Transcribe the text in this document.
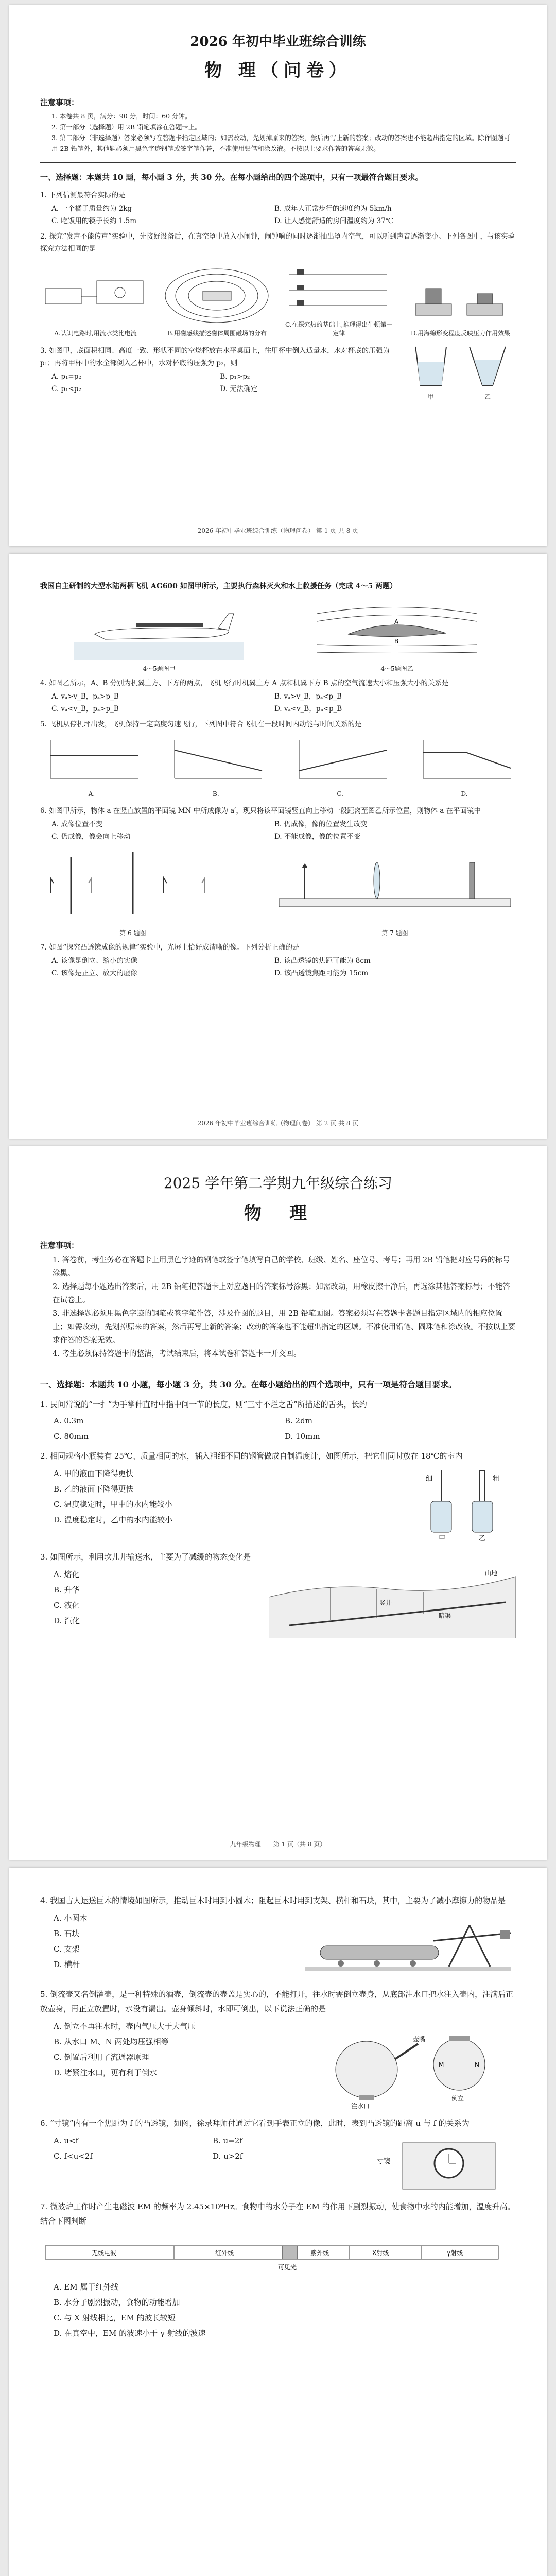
2026 年初中毕业班综合训练
物 理（问卷）
注意事项：

1. 本卷共 8 页，满分：90 分，时间：60 分钟。

2. 第一部分（选择题）用 2B 铅笔填涂在答题卡上。

3. 第二部分（非选择题）答案必须写在答题卡指定区域内；如需改动，先划掉原来的答案，然后再写上新的答案；改动的答案也不能超出指定的区域。除作图题可用 2B 铅笔外，其他题必须用黑色字迹钢笔或签字笔作答，不准使用铅笔和涂改液。不按以上要求作答的答案无效。

一、选择题：本题共 10 题，每小题 3 分，共 30 分。在每小题给出的四个选项中，只有一项最符合题目要求。
1. 下列估测最符合实际的是
A. 一个橘子质量约为 2kg	B. 成年人正常步行的速度约为 5km/h
C. 吃饭用的筷子长约 1.5m	D. 让人感觉舒适的房间温度约为 37℃
2. 探究“发声不能传声”实验中，先接好设备后，在真空罩中放入小闹钟，闹钟响的同时逐渐抽出罩内空气，可以听到声音逐渐变小。下列各图中，与该实验探究方法相同的是
A.认识电路时,用流水类比电流	B.用磁感线描述磁体周围磁场的分布
C.在探究热的基础上,推理得出牛顿第一定律	D.用海绵形变程度反映压力作用效果
3. 如图甲，底面积相同、高度一致、形状不同的空烧杯放在水平桌面上，往甲杯中倒入适量水，水对杯底的压强为 p₁；再将甲杯中的水全部倒入乙杯中，水对杯底的压强为 p₂，则
A. p₁=p₂	B. p₁>p₂
C. p₁<p₂	D. 无法确定
甲	乙
2026 年初中毕业班综合训练（物理问卷） 第 1 页 共 8 页
我国自主研制的大型水陆两栖飞机 AG600 如图甲所示，主要执行森林灭火和水上救援任务（完成 4～5 两题）
4～5题图甲
A
B
4～5题图乙
4. 如图乙所示，A、B 分别为机翼上方、下方的两点，飞机飞行时机翼上方 A 点和机翼下方 B 点的空气流速大小和压强大小的关系是
A. vₐ>v_B，pₐ>p_B	B. vₐ>v_B，pₐ<p_B
C. vₐ<v_B，pₐ>p_B	D. vₐ<v_B，pₐ<p_B
5. 飞机从停机坪出发，飞机保持一定高度匀速飞行，下列图中符合飞机在一段时间内动能与时间关系的是
A.	B.	C.	D.
6. 如图甲所示，物体 a 在竖直放置的平面镜 MN 中所成像为 a′，现只将该平面镜竖直向上移动一段距离至图乙所示位置，则物体 a 在平面镜中
A. 成像位置不变	B. 仍成像，像的位置发生改变
C. 仍成像，像会向上移动	D. 不能成像，像的位置不变
第 6 题图	第 7 题图
7. 如图“探究凸透镜成像的规律”实验中，光屏上恰好成清晰的像。下列分析正确的是
A. 该像是倒立、缩小的实像	B. 该凸透镜的焦距可能为 8cm
C. 该像是正立、放大的虚像	D. 该凸透镜焦距可能为 15cm
2026 年初中毕业班综合训练（物理问卷） 第 2 页 共 8 页
2025 学年第二学期九年级综合练习
物　理
注意事项：

1. 答卷前，考生务必在答题卡上用黑色字迹的钢笔或签字笔填写自己的学校、班级、姓名、座位号、考号；再用 2B 铅笔把对应号码的标号涂黑。

2. 选择题每小题选出答案后，用 2B 铅笔把答题卡上对应题目的答案标号涂黑；如需改动，用橡皮擦干净后，再选涂其他答案标号；不能答在试卷上。

3. 非选择题必须用黑色字迹的钢笔或签字笔作答，涉及作图的题目，用 2B 铅笔画图。答案必须写在答题卡各题目指定区域内的相应位置上；如需改动，先划掉原来的答案，然后再写上新的答案；改动的答案也不能超出指定的区域。不准使用铅笔、圆珠笔和涂改液。不按以上要求作答的答案无效。

4. 考生必须保持答题卡的整洁，考试结束后，将本试卷和答题卡一并交回。

一、选择题：本题共 10 小题，每小题 3 分，共 30 分。在每小题给出的四个选项中，只有一项是符合题目要求。
1. 民间常说的“一扌”为手掌伸直时中指中间一节的长度，则“三寸不烂之舌”所描述的舌头，长约
A. 0.3m	B. 2dm
C. 80mm	D. 10mm
2. 相同规格小瓶装有 25℃、质量相同的水，插入粗细不同的钢管做成自制温度计，如图所示，把它们同时放在 18℃的室内
A. 甲的液面下降得更快
B. 乙的液面下降得更快
C. 温度稳定时，甲中的水内能较小
D. 温度稳定时，乙中的水内能较小
细	粗
甲	乙
3. 如图所示，利用坎儿井输送水，主要为了减缓的物态变化是
A. 熔化
B. 升华
C. 液化
D. 汽化
山地
竖井
暗渠
九年级物理　　第 1 页（共 8 页）
4. 我国古人运送巨木的情境如图所示，推动巨木时用到小圆木；阻起巨木时用到支架、横杆和石块，其中，主要为了减小摩擦力的物品是
A. 小圆木
B. 石块
C. 支架
D. 横杆
5. 倒流壶又名倒灌壶，是一种特殊的酒壶，倒流壶的壶盖是实心的，不能打开，往水时需倒立壶身，从底部注水口把水注入壶内，注满后正放壶身，再正立放置时，水没有漏出。壶身倾斜时，水即可倒出，以下说法正确的是
A. 倒立不再注水时，壶内气压大于大气压
B. 从水口 M、N 两处均压强相等
C. 倒置后利用了流通器原理
D. 堵紧注水口，更有利于倒水
注水口
壶嘴
倒立
M	N
6. “寸镜”内有一个焦距为 f 的凸透镜，如图，徐录拜师付通过它看到手表正立的像，此时，表到凸透镜的距离 u 与 f 的关系为
A. u<f	B. u=2f
C. f<u<2f	D. u>2f
寸镜
7. 微波炉工作时产生电磁波 EM 的频率为 2.45×10⁹Hz。食物中的水分子在 EM 的作用下剧烈振动，使食物中水的内能增加，温度升高。结合下图判断
无线电波	红外线
可见光
紫外线	X射线	γ射线
A. EM 属于红外线
B. 水分子剧烈振动，食物的动能增加
C. 与 X 射线相比，EM 的波长较短
D. 在真空中，EM 的波速小于 γ 射线的波速
